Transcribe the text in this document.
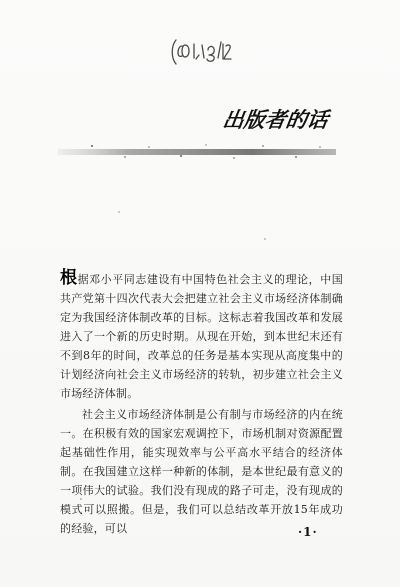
出版者的话

根据邓小平同志建设有中国特色社会主义的理论，中国共产党第十四次代表大会把建立社会主义市场经济体制确定为我国经济体制改革的目标。这标志着我国改革和发展进入了一个新的历史时期。从现在开始，到本世纪末还有不到8年的时间，改革总的任务是基本实现从高度集中的计划经济向社会主义市场经济的转轨，初步建立社会主义市场经济体制。

社会主义市场经济体制是公有制与市场经济的内在统一。在积极有效的国家宏观调控下，市场机制对资源配置起基础性作用，能实现效率与公平高水平结合的经济体制。在我国建立这样一种新的体制，是本世纪最有意义的一项伟大的试验。我们没有现成的路子可走，没有现成的模式可以照搬。但是，我们可以总结改革开放15年成功的经验，可以	·1·
